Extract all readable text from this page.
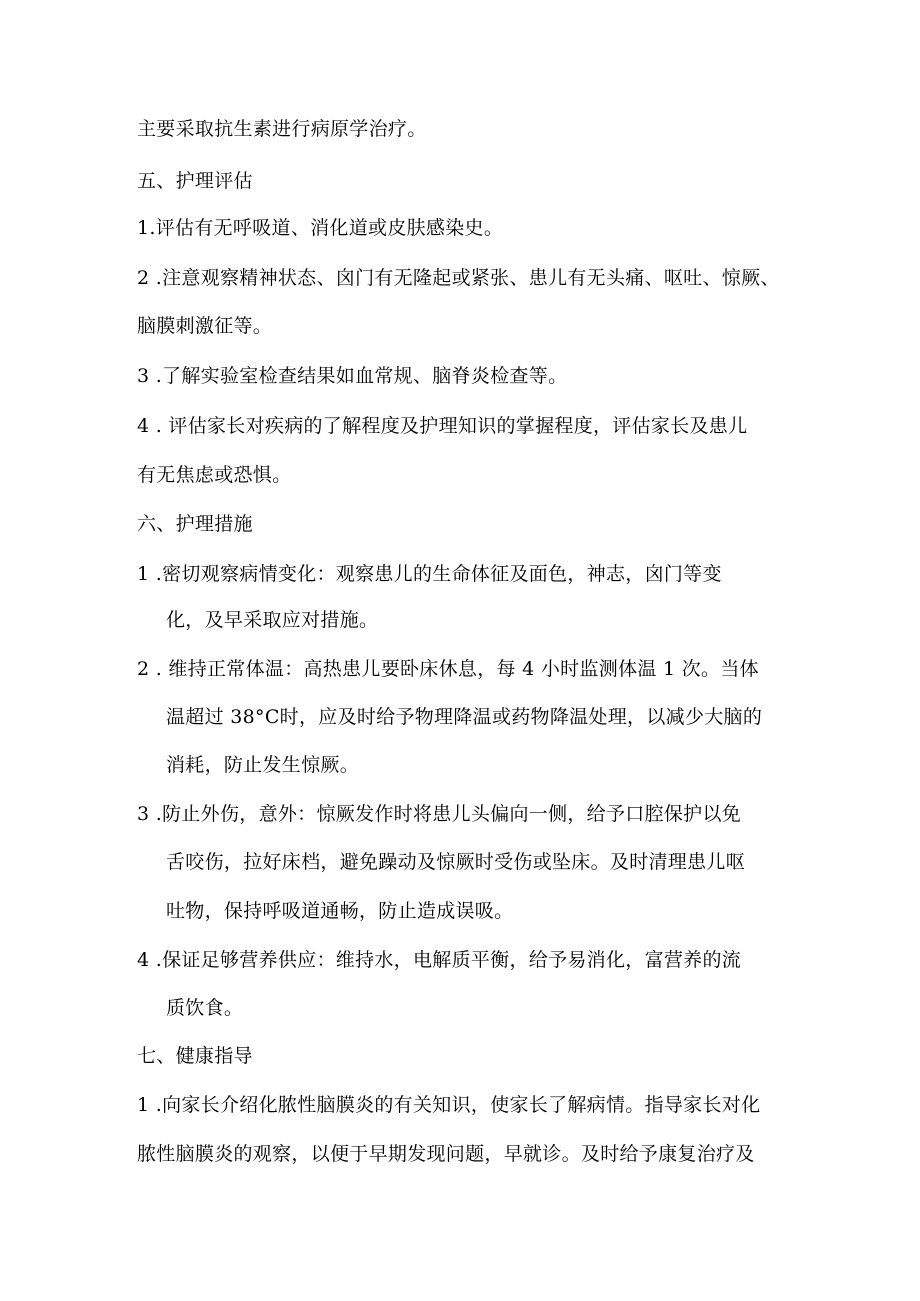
主要采取抗生素进行病原学治疗。
五、护理评估
1.评估有无呼吸道、消化道或皮肤感染史。
2 .注意观察精神状态、囟门有无隆起或紧张、患儿有无头痛、呕吐、惊厥、
脑膜刺激征等。
3 .了解实验室检查结果如血常规、脑脊炎检查等。
4 . 评估家长对疾病的了解程度及护理知识的掌握程度，评估家长及患儿
有无焦虑或恐惧。
六、护理措施
1 .密切观察病情变化：观察患儿的生命体征及面色，神志，囟门等变
化，及早采取应对措施。
2 . 维持正常体温：高热患儿要卧床休息，每 4 小时监测体温 1 次。当体
温超过 38°C时，应及时给予物理降温或药物降温处理，以减少大脑的
消耗，防止发生惊厥。
3 .防止外伤，意外：惊厥发作时将患儿头偏向一侧，给予口腔保护以免
舌咬伤，拉好床档，避免躁动及惊厥时受伤或坠床。及时清理患儿呕
吐物，保持呼吸道通畅，防止造成误吸。
4 .保证足够营养供应：维持水，电解质平衡，给予易消化，富营养的流
质饮食。
七、健康指导
1 .向家长介绍化脓性脑膜炎的有关知识，使家长了解病情。指导家长对化
脓性脑膜炎的观察，以便于早期发现问题，早就诊。及时给予康复治疗及
